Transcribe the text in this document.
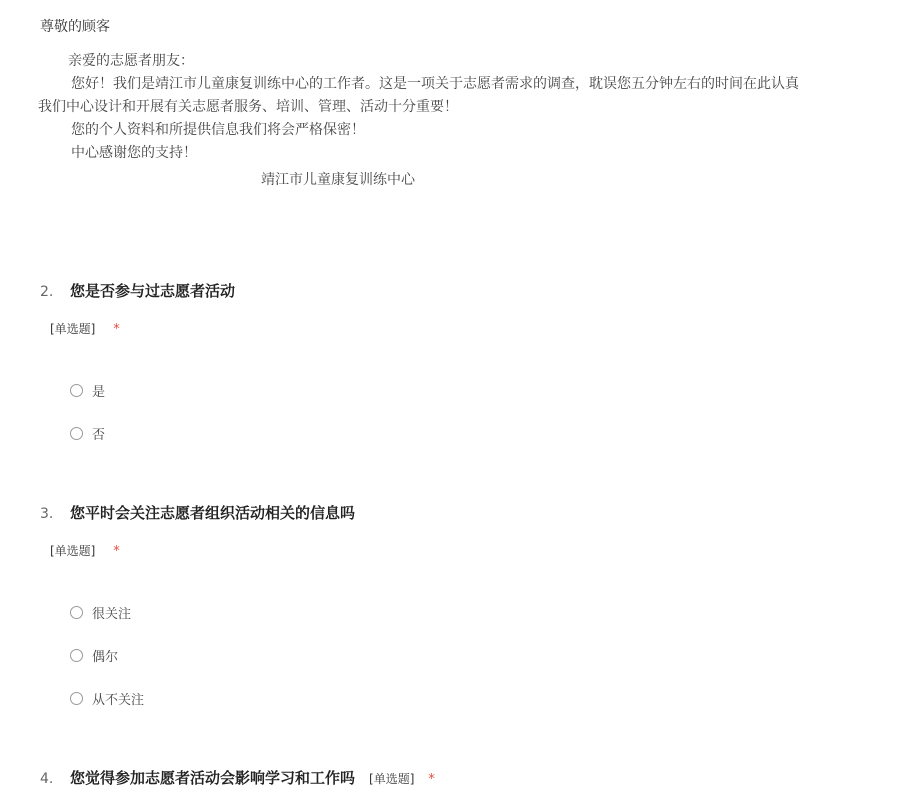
尊敬的顾客
亲爱的志愿者朋友：
您好！我们是靖江市儿童康复训练中心的工作者。这是一项关于志愿者需求的调查，耽误您五分钟左右的时间在此认真
我们中心设计和开展有关志愿者服务、培训、管理、活动十分重要！
您的个人资料和所提供信息我们将会严格保密！
中心感谢您的支持！
靖江市儿童康复训练中心
2.	您是否参与过志愿者活动
[单选题] *
是
否
3.	您平时会关注志愿者组织活动相关的信息吗
[单选题] *
很关注
偶尔
从不关注
4.	您觉得参加志愿者活动会影响学习和工作吗 [单选题] *
